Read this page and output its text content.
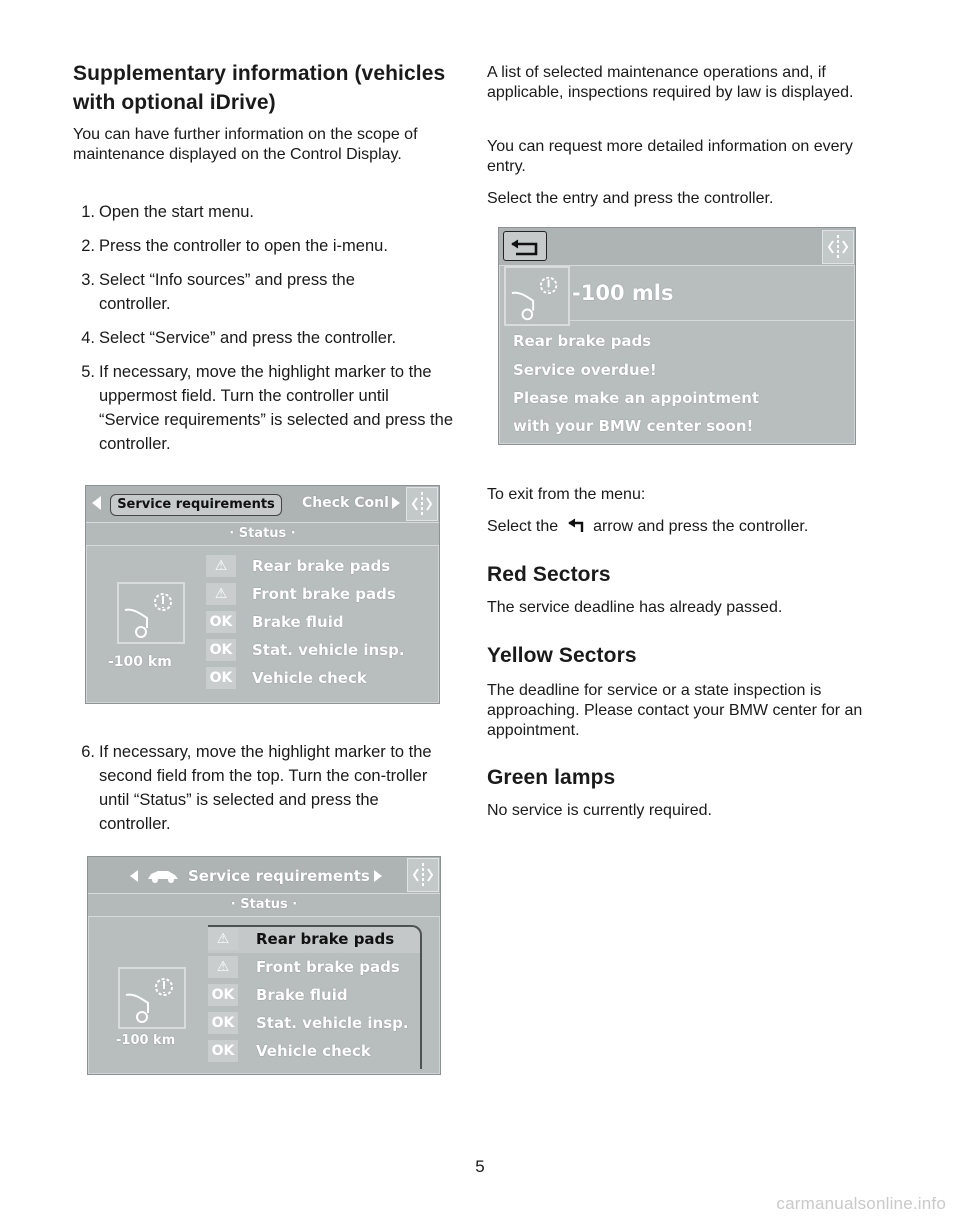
Supplementary information (vehicles
with optional iDrive)

You can have further information on the scope of maintenance displayed on the Control Display.

1. Open the start menu.
2. Press the controller to open the i-menu.
3. Select “Info sources” and press the controller.
4. Select “Service” and press the controller.
5. If necessary, move the highlight marker to the uppermost field. Turn the controller until “Service requirements” is selected and press the controller.
6. If necessary, move the highlight marker to the second field from the top. Turn the con-troller until “Status” is selected and press the controller.
Service requirements	Check Conl
· Status ·
-100 km
⚠	Rear brake pads
⚠	Front brake pads
OK Brake fluid
OK Stat. vehicle insp.
OK Vehicle check
Service requirements
· Status ·
-100 km
⚠	Rear brake pads
⚠	Front brake pads
OK Brake fluid
OK Stat. vehicle insp.
OK Vehicle check

A list of selected maintenance operations and, if applicable, inspections required by law is displayed.

You can request more detailed information on every entry.

Select the entry and press the controller.

To exit from the menu:

Select the arrow and press the controller.

Red Sectors

The service deadline has already passed.

Yellow Sectors

The deadline for service or a state inspection is approaching. Please contact your BMW center for an appointment.

Green lamps

No service is currently required.

-100 mls
Rear brake pads
Service overdue!
Please make an appointment
with your BMW center soon!
5
carmanualsonline.info
